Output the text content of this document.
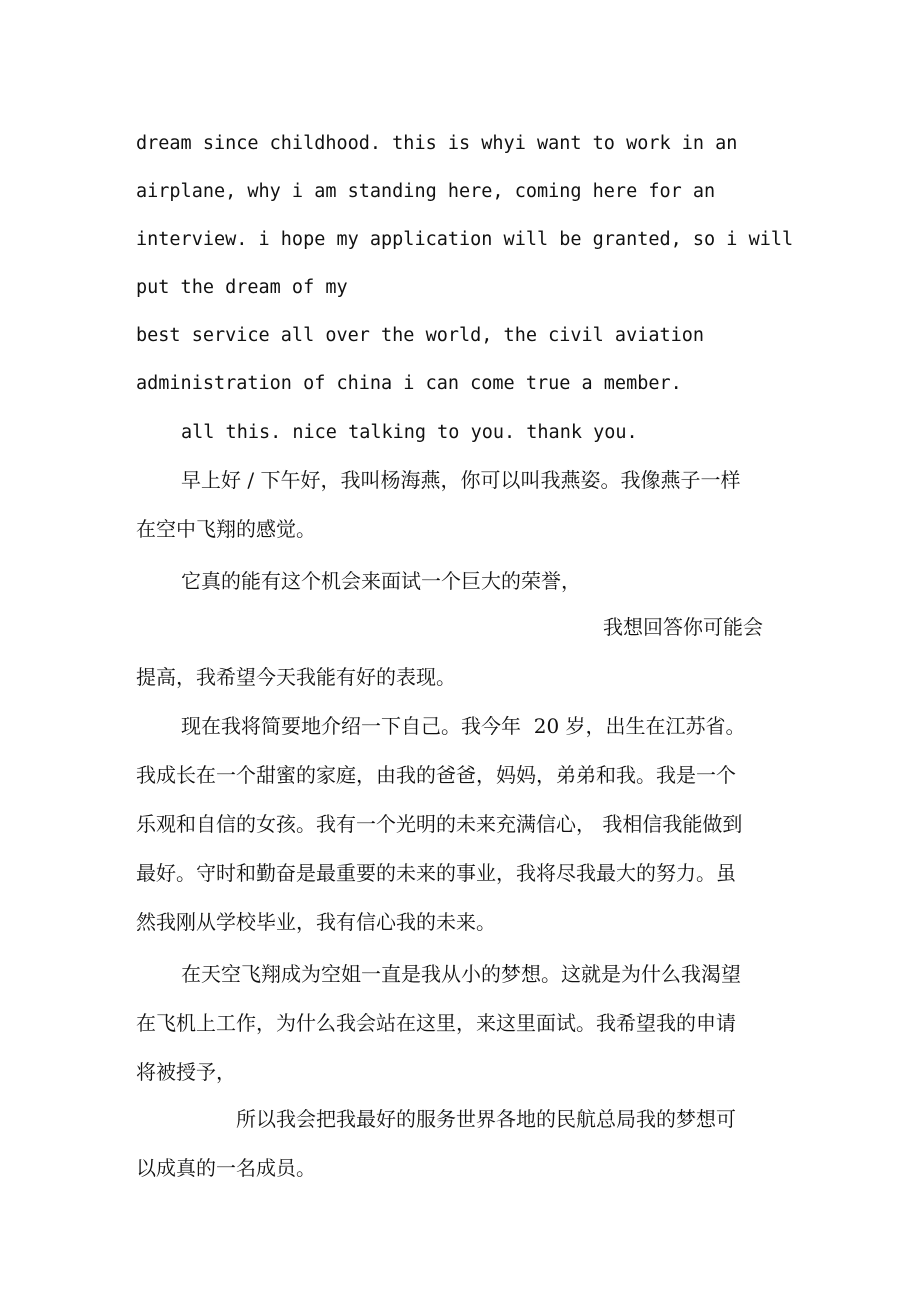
dream since childhood. this is whyi want to work in an

airplane, why i am standing here, coming here for an

interview. i hope my application will be granted, so i will

put the dream of my

best service all over the world, the civil aviation

administration of china i can come true a member.

all this. nice talking to you. thank you.

早上好 / 下午好，我叫杨海燕，你可以叫我燕姿。我像燕子一样

在空中飞翔的感觉。

它真的能有这个机会来面试一个巨大的荣誉，

我想回答你可能会

提高，我希望今天我能有好的表现。

现在我将简要地介绍一下自己。我今年  20 岁，出生在江苏省。

我成长在一个甜蜜的家庭，由我的爸爸，妈妈，弟弟和我。我是一个

乐观和自信的女孩。我有一个光明的未来充满信心， 我相信我能做到

最好。守时和勤奋是最重要的未来的事业，我将尽我最大的努力。虽

然我刚从学校毕业，我有信心我的未来。

在天空飞翔成为空姐一直是我从小的梦想。这就是为什么我渴望

在飞机上工作，为什么我会站在这里，来这里面试。我希望我的申请

将被授予，

所以我会把我最好的服务世界各地的民航总局我的梦想可

以成真的一名成员。
